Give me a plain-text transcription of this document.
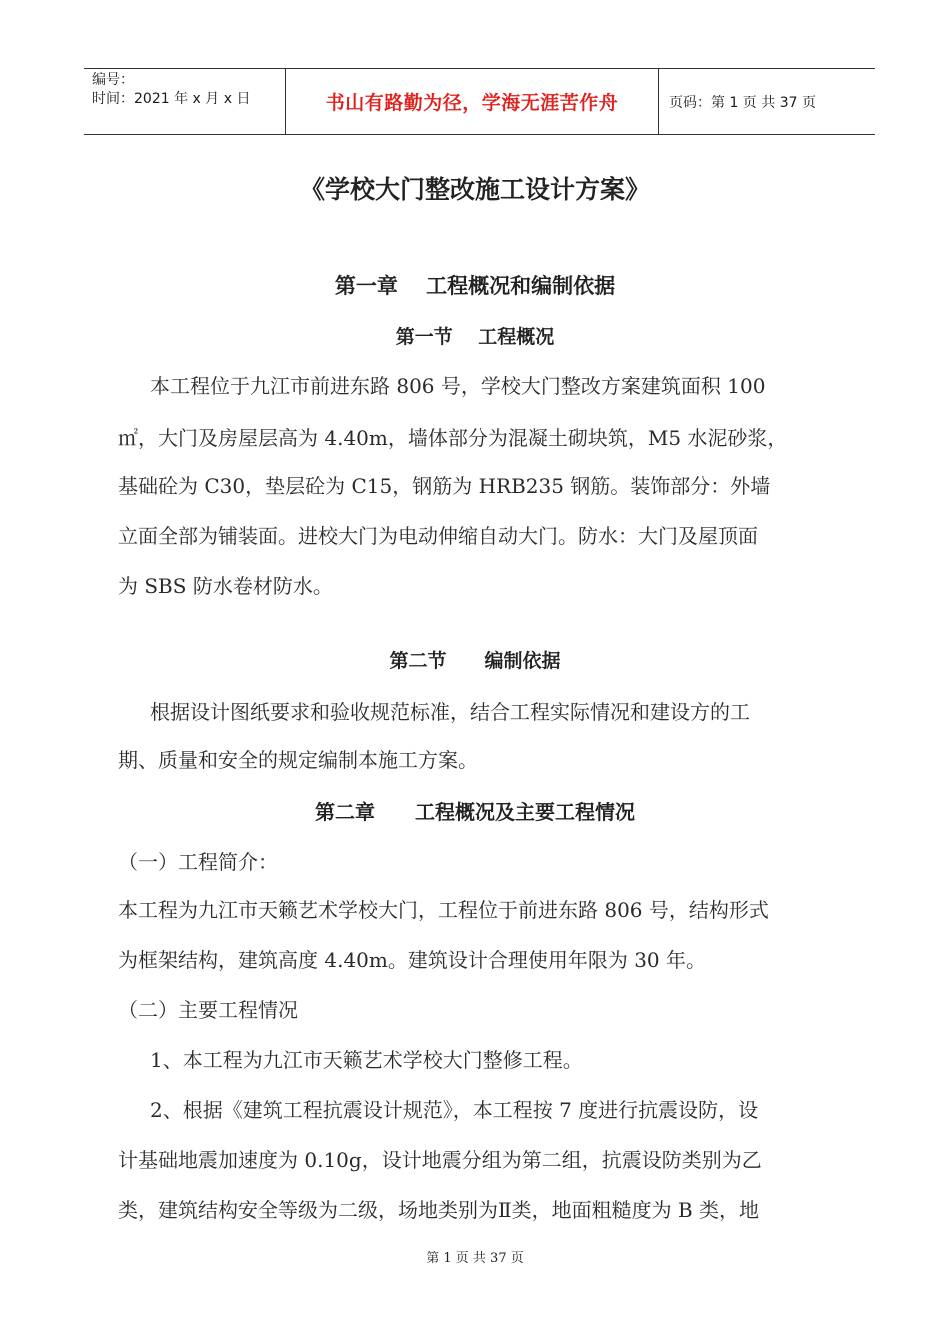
编号：
时间：2021 年 x 月 x 日	书山有路勤为径，学海无涯苦作舟	页码：第 1 页 共 37 页
《学校大门整改施工设计方案》
第一章　 工程概况和编制依据
第一节　 工程概况
本工程位于九江市前进东路 806 号，学校大门整改方案建筑面积 100
㎡，大门及房屋层高为 4.40m，墙体部分为混凝土砌块筑，M5 水泥砂浆，
基础砼为 C30，垫层砼为 C15，钢筋为 HRB235 钢筋。装饰部分：外墙
立面全部为铺装面。进校大门为电动伸缩自动大门。防水：大门及屋顶面
为 SBS 防水卷材防水。
第二节　　编制依据
根据设计图纸要求和验收规范标准，结合工程实际情况和建设方的工
期、质量和安全的规定编制本施工方案。
第二章　　工程概况及主要工程情况
（一）工程简介：
本工程为九江市天籁艺术学校大门，工程位于前进东路 806 号，结构形式
为框架结构，建筑高度 4.40m。建筑设计合理使用年限为 30 年。
（二）主要工程情况
1、本工程为九江市天籁艺术学校大门整修工程。
2、根据《建筑工程抗震设计规范》，本工程按 7 度进行抗震设防，设
计基础地震加速度为 0.10g，设计地震分组为第二组，抗震设防类别为乙
类，建筑结构安全等级为二级，场地类别为Ⅱ类，地面粗糙度为 B 类，地
第 1 页 共 37 页
